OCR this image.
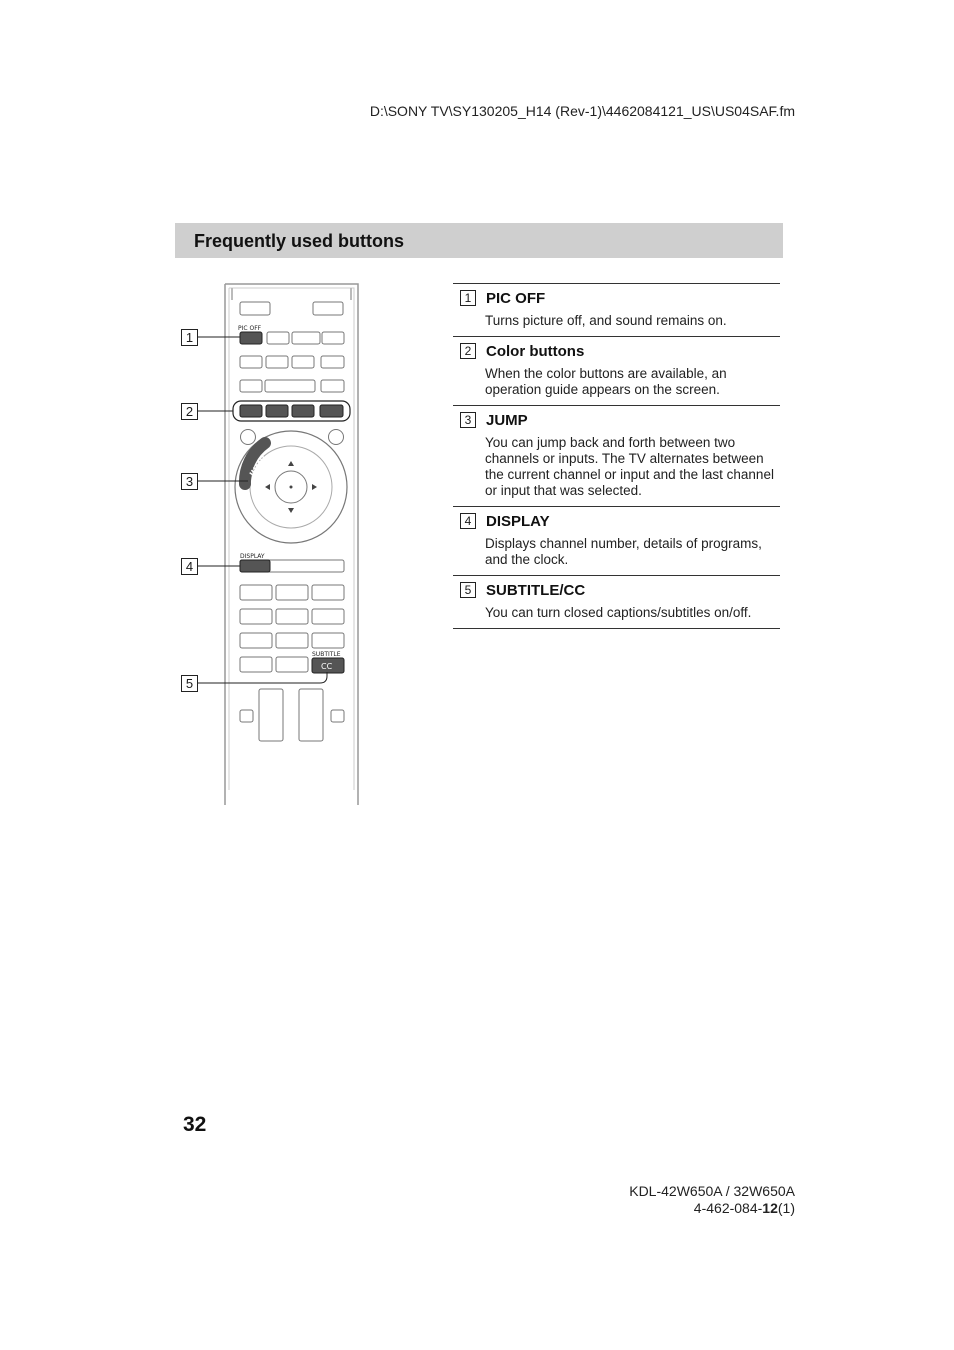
D:\SONY TV\SY130205_H14 (Rev-1)\4462084121_US\US04SAF.fm
Frequently used buttons
PIC OFF
JUMP
DISPLAY
SUBTITLE
CC
1
2
3
4
5
1 PIC OFF
Turns picture off, and sound remains on.
2 Color buttons
When the color buttons are available, an operation guide appears on the screen.
3 JUMP
You can jump back and forth between two channels or inputs. The TV alternates between the current channel or input and the last channel or input that was selected.
4 DISPLAY
Displays channel number, details of programs, and the clock.
5 SUBTITLE/CC
You can turn closed captions/subtitles on/off.
32
KDL-42W650A / 32W650A
4-462-084-12(1)
